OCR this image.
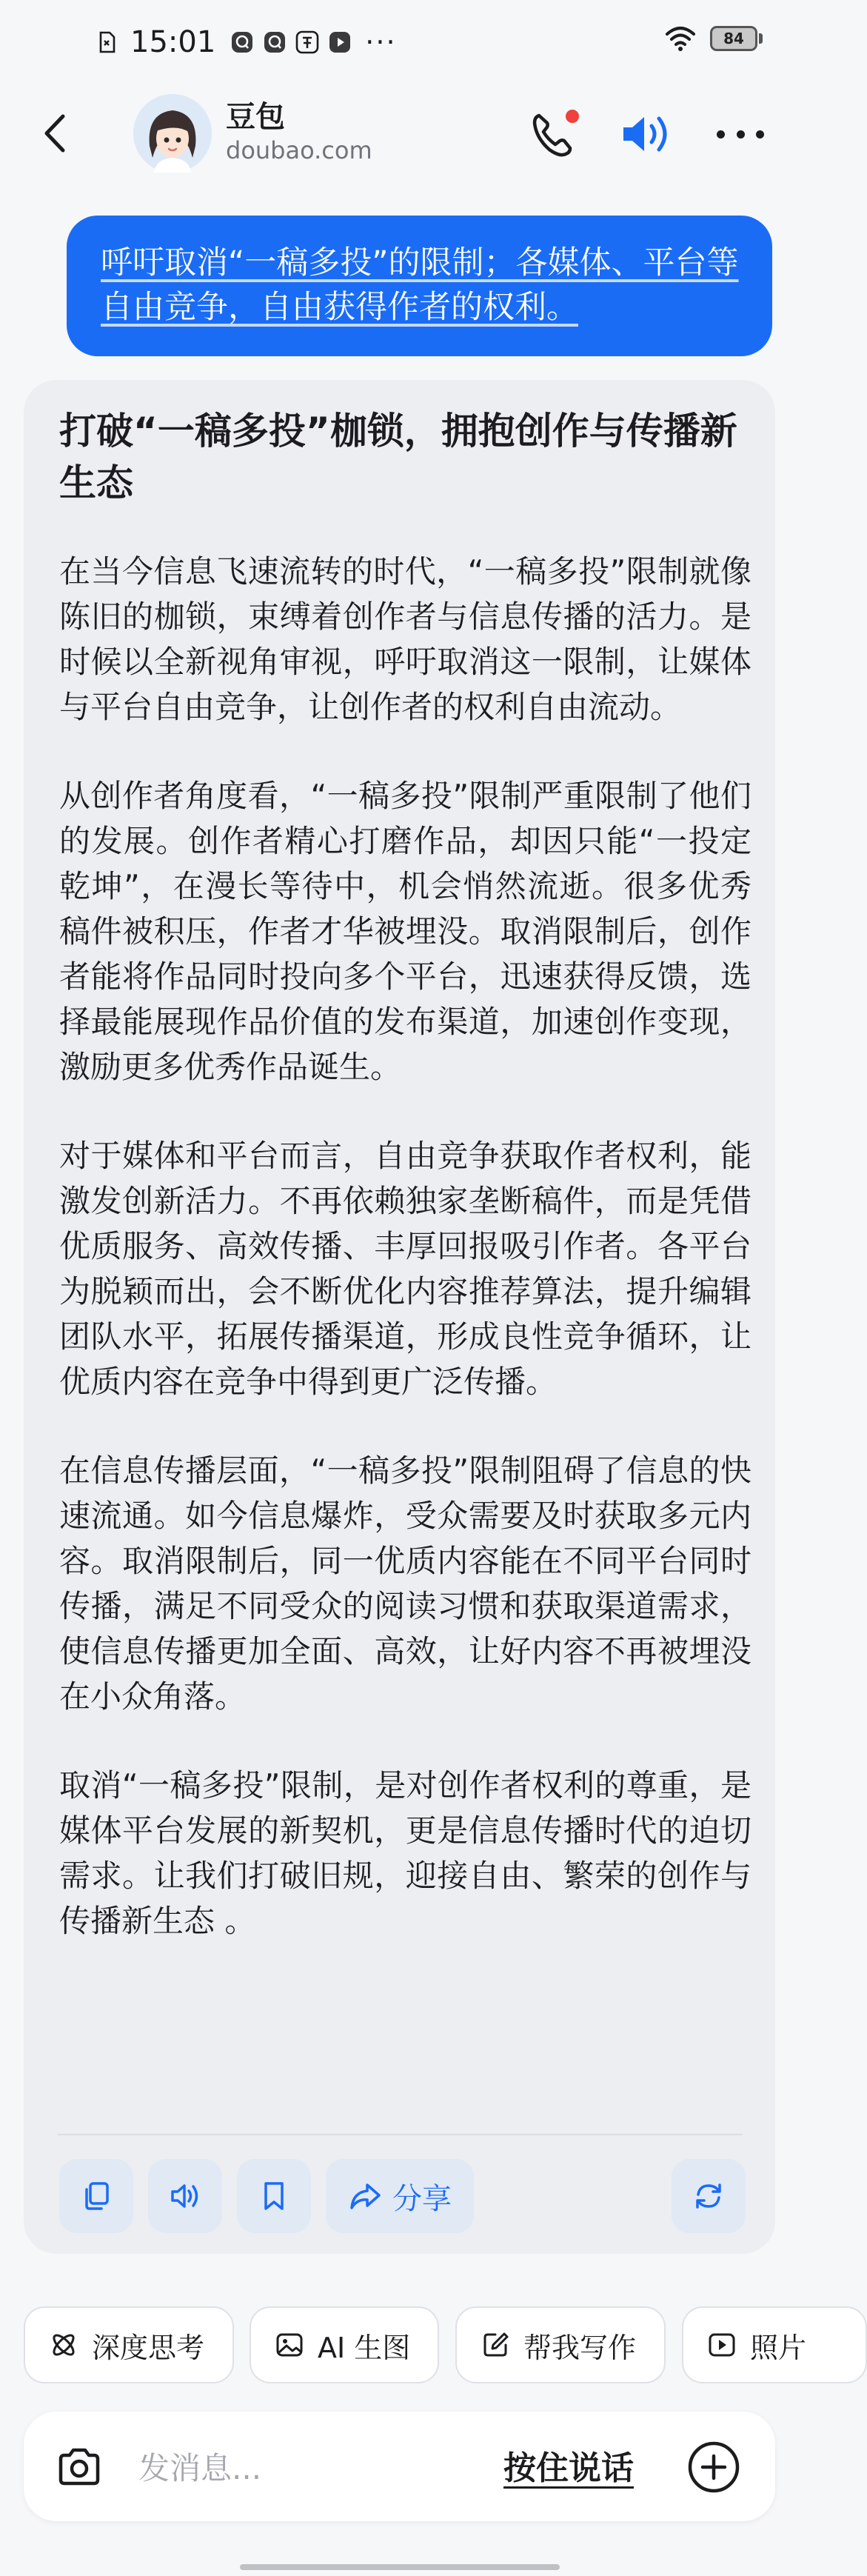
15:01	···	84
豆包
doubao.com

呼吁取消“一稿多投”的限制；各媒体、平台等自由竞争，自由获得作者的权利。

打破“一稿多投”枷锁，拥抱创作与传播新生态

在当今信息飞速流转的时代，“一稿多投”限制就像陈旧的枷锁，束缚着创作者与信息传播的活力。是时候以全新视角审视，呼吁取消这一限制，让媒体与平台自由竞争，让创作者的权利自由流动。

从创作者角度看，“一稿多投”限制严重限制了他们的发展。创作者精心打磨作品，却因只能“一投定乾坤”，在漫长等待中，机会悄然流逝。很多优秀稿件被积压，作者才华被埋没。取消限制后，创作者能将作品同时投向多个平台，迅速获得反馈，选择最能展现作品价值的发布渠道，加速创作变现，激励更多优秀作品诞生。

对于媒体和平台而言，自由竞争获取作者权利，能激发创新活力。不再依赖独家垄断稿件，而是凭借优质服务、高效传播、丰厚回报吸引作者。各平台为脱颖而出，会不断优化内容推荐算法，提升编辑团队水平，拓展传播渠道，形成良性竞争循环，让优质内容在竞争中得到更广泛传播。

在信息传播层面，“一稿多投”限制阻碍了信息的快速流通。如今信息爆炸，受众需要及时获取多元内容。取消限制后，同一优质内容能在不同平台同时传播，满足不同受众的阅读习惯和获取渠道需求，使信息传播更加全面、高效，让好内容不再被埋没在小众角落。

取消“一稿多投”限制，是对创作者权利的尊重，是媒体平台发展的新契机，更是信息传播时代的迫切需求。让我们打破旧规，迎接自由、繁荣的创作与传播新生态 。

分享
深度思考	AI 生图	帮我写作	照片
发消息...
按住说话
